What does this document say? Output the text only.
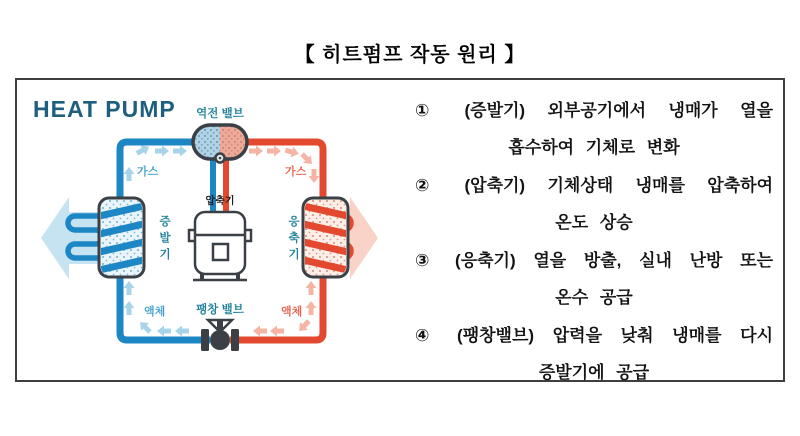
【 히트펌프 작동 원리 】
HEAT PUMP	역전 밸브
압축기
팽창 밸브
가스	가스
액체	액체
증발기	응축기
① (증발기) 외부공기에서 냉매가 열을
흡수하여 기체로 변화
② (압축기) 기체상태 냉매를 압축하여
온도 상승
③ (응축기) 열을 방출, 실내 난방 또는
온수 공급
④ (팽창밸브) 압력을 낮춰 냉매를 다시
증발기에 공급
